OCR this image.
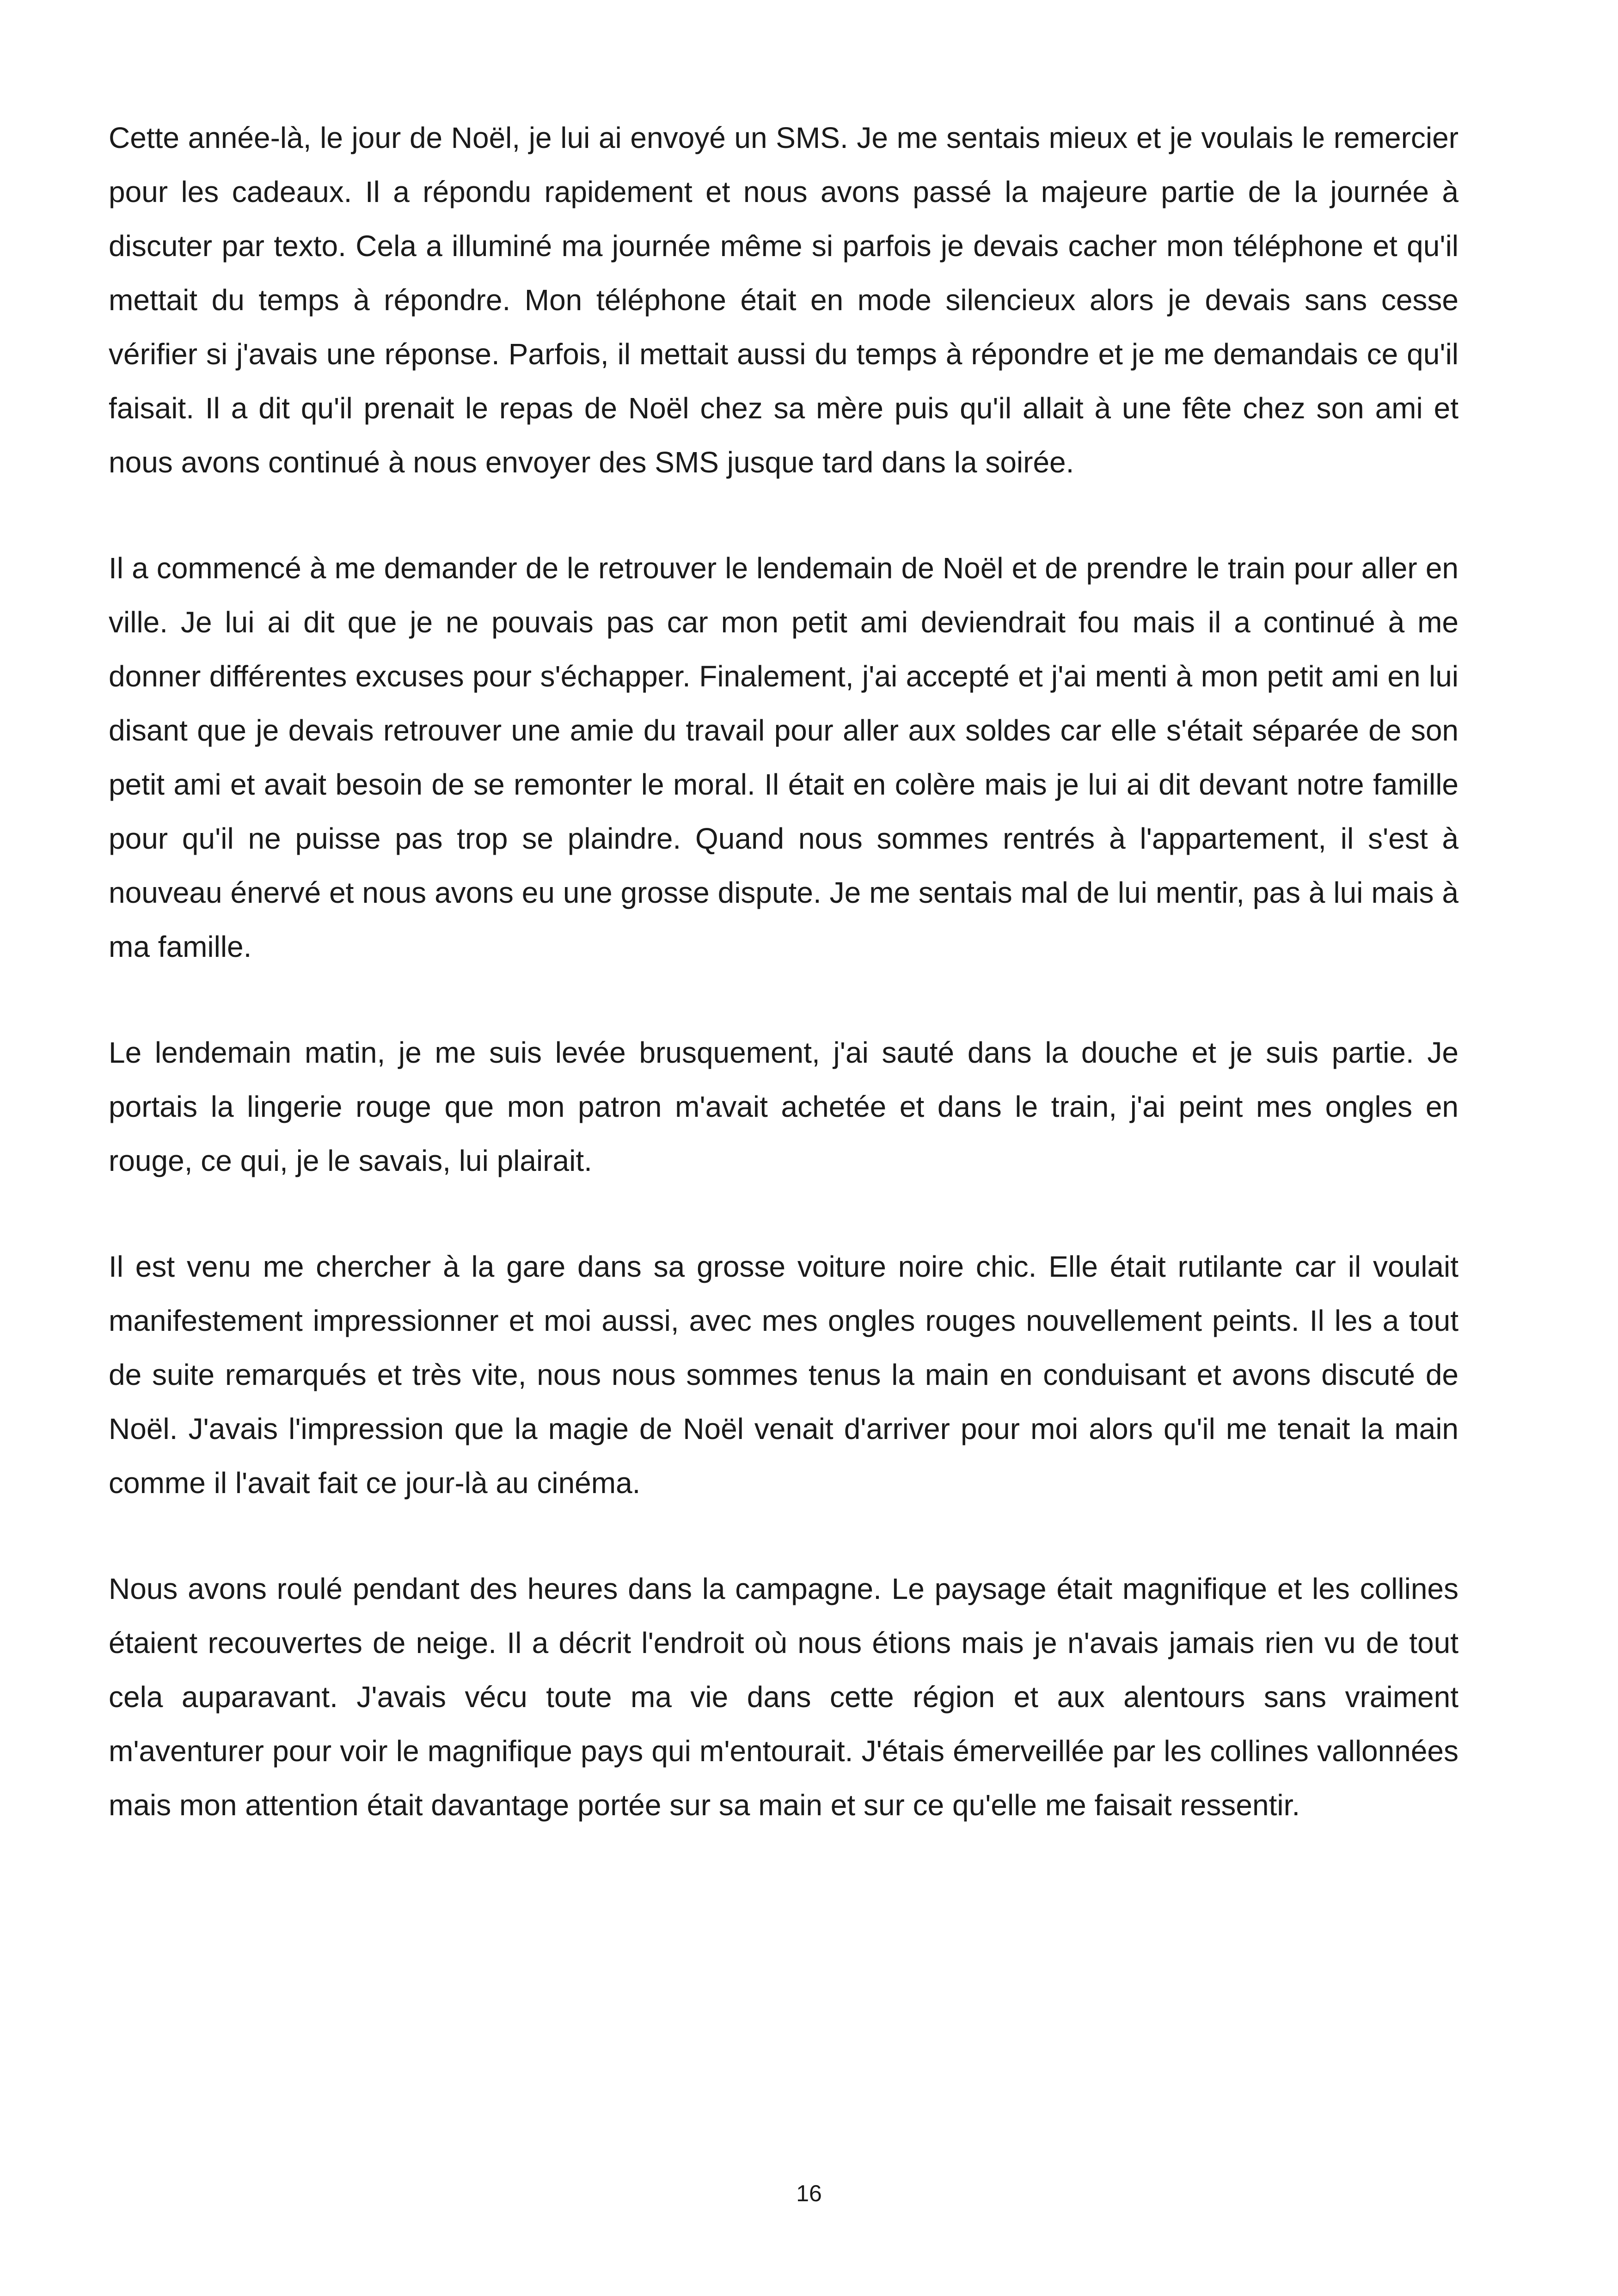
Cette année-là, le jour de Noël, je lui ai envoyé un SMS. Je me sentais mieux et je voulais le remercier pour les cadeaux. Il a répondu rapidement et nous avons passé la majeure partie de la journée à discuter par texto. Cela a illuminé ma journée même si parfois je devais cacher mon téléphone et qu'il mettait du temps à répondre. Mon téléphone était en mode silencieux alors je devais sans cesse vérifier si j'avais une réponse. Parfois, il mettait aussi du temps à répondre et je me demandais ce qu'il faisait. Il a dit qu'il prenait le repas de Noël chez sa mère puis qu'il allait à une fête chez son ami et nous avons continué à nous envoyer des SMS jusque tard dans la soirée.

Il a commencé à me demander de le retrouver le lendemain de Noël et de prendre le train pour aller en ville. Je lui ai dit que je ne pouvais pas car mon petit ami deviendrait fou mais il a continué à me donner différentes excuses pour s'échapper. Finalement, j'ai accepté et j'ai menti à mon petit ami en lui disant que je devais retrouver une amie du travail pour aller aux soldes car elle s'était séparée de son petit ami et avait besoin de se remonter le moral. Il était en colère mais je lui ai dit devant notre famille pour qu'il ne puisse pas trop se plaindre. Quand nous sommes rentrés à l'appartement, il s'est à nouveau énervé et nous avons eu une grosse dispute. Je me sentais mal de lui mentir, pas à lui mais à ma famille.

Le lendemain matin, je me suis levée brusquement, j'ai sauté dans la douche et je suis partie. Je portais la lingerie rouge que mon patron m'avait achetée et dans le train, j'ai peint mes ongles en rouge, ce qui, je le savais, lui plairait.

Il est venu me chercher à la gare dans sa grosse voiture noire chic. Elle était rutilante car il voulait manifestement impressionner et moi aussi, avec mes ongles rouges nouvellement peints. Il les a tout de suite remarqués et très vite, nous nous sommes tenus la main en conduisant et avons discuté de Noël. J'avais l'impression que la magie de Noël venait d'arriver pour moi alors qu'il me tenait la main comme il l'avait fait ce jour-là au cinéma.

Nous avons roulé pendant des heures dans la campagne. Le paysage était magnifique et les collines étaient recouvertes de neige. Il a décrit l'endroit où nous étions mais je n'avais jamais rien vu de tout cela auparavant. J'avais vécu toute ma vie dans cette région et aux alentours sans vraiment m'aventurer pour voir le magnifique pays qui m'entourait. J'étais émerveillée par les collines vallonnées mais mon attention était davantage portée sur sa main et sur ce qu'elle me faisait ressentir.

16
